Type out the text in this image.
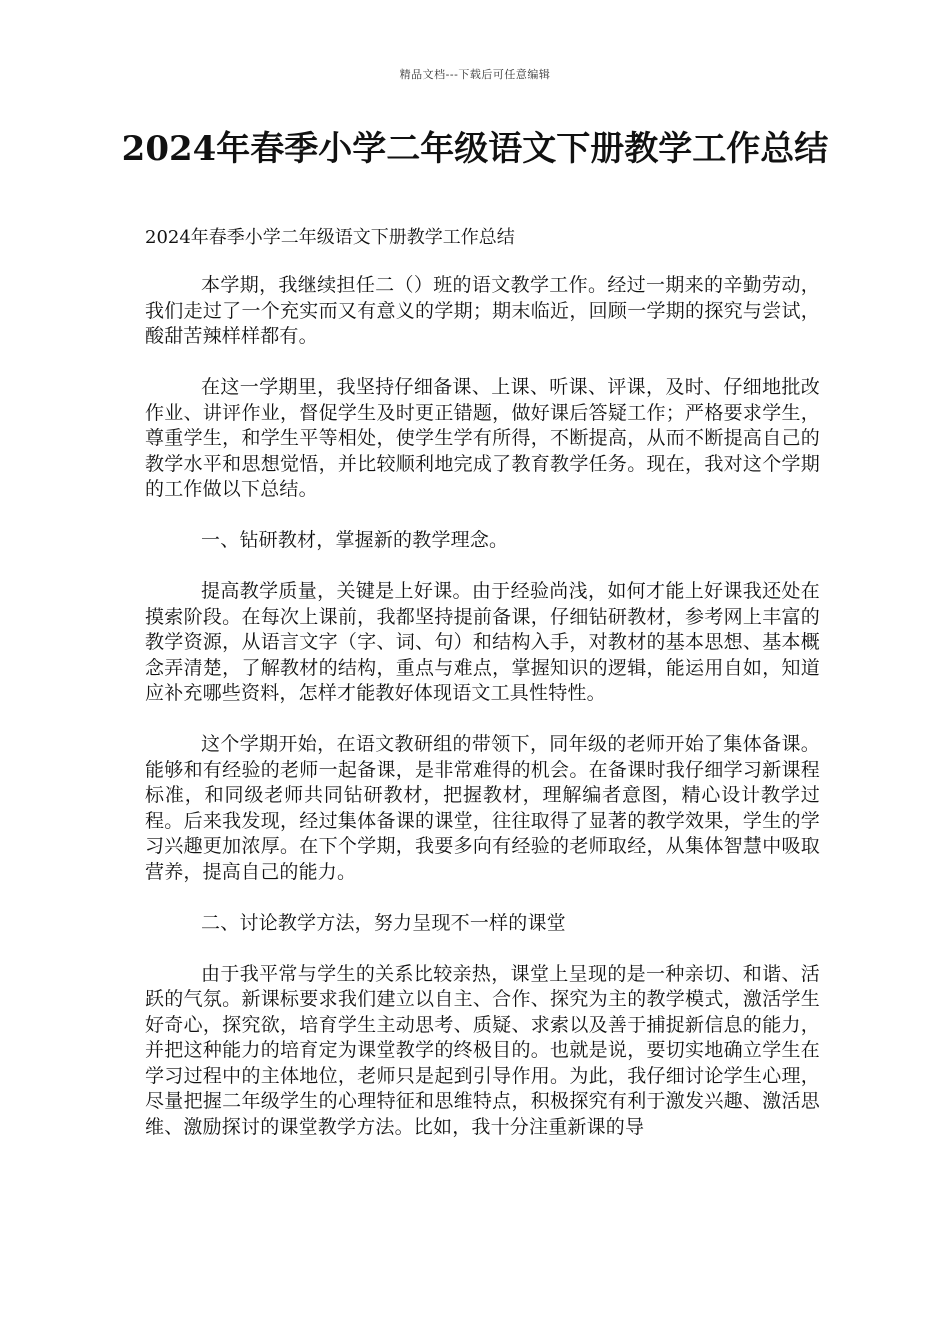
精品文档---下载后可任意编辑
2024年春季小学二年级语文下册教学工作总结

2024年春季小学二年级语文下册教学工作总结

本学期，我继续担任二（）班的语文教学工作。经过一期来的辛勤劳动，我们走过了一个充实而又有意义的学期；期末临近，回顾一学期的探究与尝试，酸甜苦辣样样都有。

在这一学期里，我坚持仔细备课、上课、听课、评课，及时、仔细地批改作业、讲评作业，督促学生及时更正错题，做好课后答疑工作；严格要求学生，尊重学生，和学生平等相处，使学生学有所得，不断提高，从而不断提高自己的教学水平和思想觉悟，并比较顺利地完成了教育教学任务。现在，我对这个学期的工作做以下总结。

一、钻研教材，掌握新的教学理念。

提高教学质量，关键是上好课。由于经验尚浅，如何才能上好课我还处在摸索阶段。在每次上课前，我都坚持提前备课，仔细钻研教材，参考网上丰富的教学资源，从语言文字（字、词、句）和结构入手，对教材的基本思想、基本概念弄清楚，了解教材的结构，重点与难点，掌握知识的逻辑，能运用自如，知道应补充哪些资料，怎样才能教好体现语文工具性特性。

这个学期开始，在语文教研组的带领下，同年级的老师开始了集体备课。能够和有经验的老师一起备课，是非常难得的机会。在备课时我仔细学习新课程标准，和同级老师共同钻研教材，把握教材，理解编者意图，精心设计教学过程。后来我发现，经过集体备课的课堂，往往取得了显著的教学效果，学生的学习兴趣更加浓厚。在下个学期，我要多向有经验的老师取经，从集体智慧中吸取营养，提高自己的能力。

二、讨论教学方法，努力呈现不一样的课堂

由于我平常与学生的关系比较亲热，课堂上呈现的是一种亲切、和谐、活跃的气氛。新课标要求我们建立以自主、合作、探究为主的教学模式，激活学生好奇心，探究欲，培育学生主动思考、质疑、求索以及善于捕捉新信息的能力，并把这种能力的培育定为课堂教学的终极目的。也就是说，要切实地确立学生在学习过程中的主体地位，老师只是起到引导作用。为此，我仔细讨论学生心理，尽量把握二年级学生的心理特征和思维特点，积极探究有利于激发兴趣、激活思维、激励探讨的课堂教学方法。比如，我十分注重新课的导
